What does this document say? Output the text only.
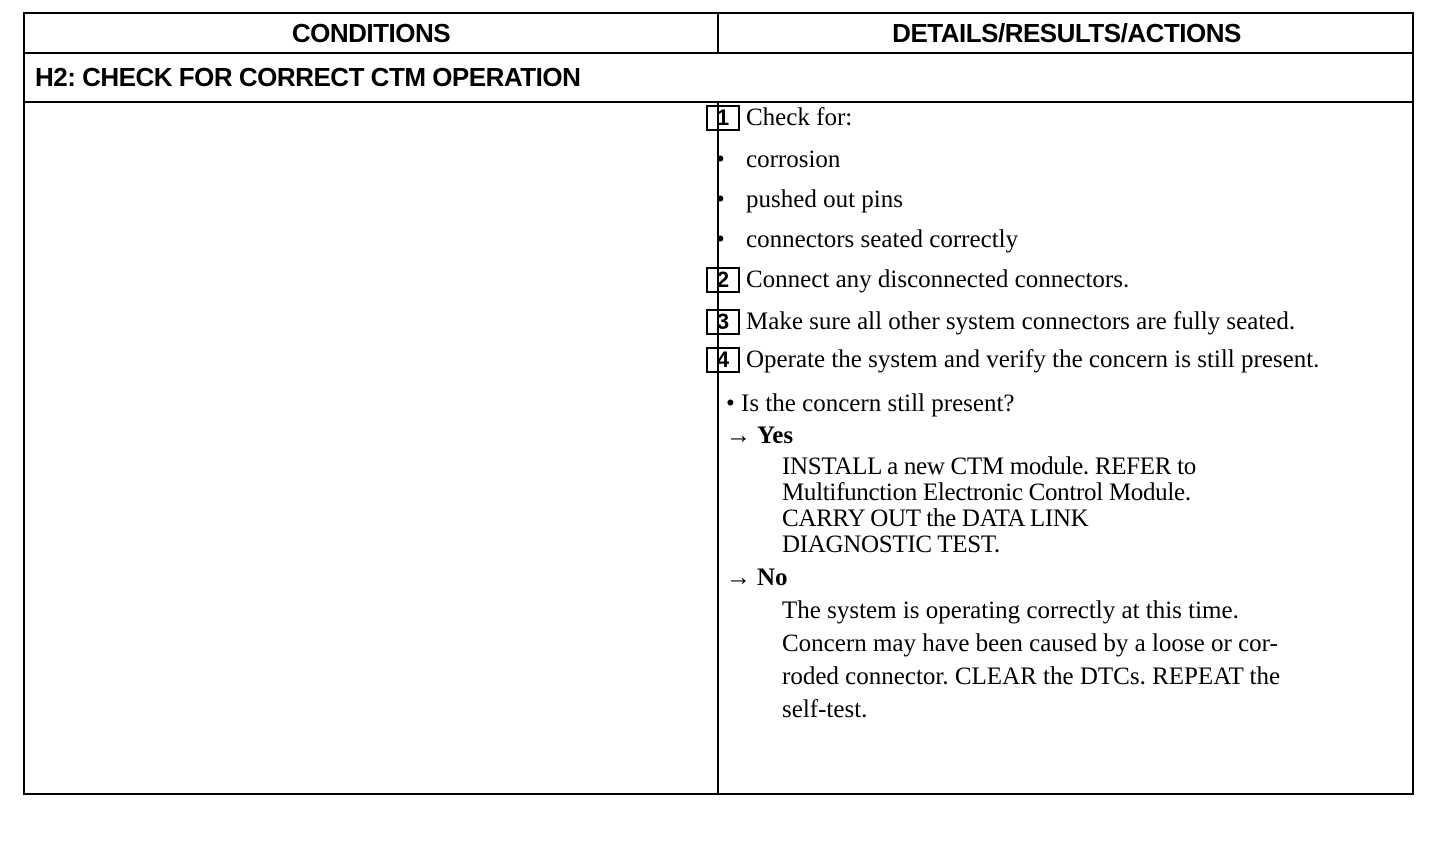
CONDITIONS	DETAILS/RESULTS/ACTIONS
H2: CHECK FOR CORRECT CTM OPERATION
1 Check for:
• corrosion
• pushed out pins
• connectors seated correctly
2 Connect any disconnected connectors.
3 Make sure all other system connectors are fully seated.
4 Operate the system and verify the concern is still present.
• Is the concern still present?
→ Yes
INSTALL a new CTM module. REFER to
Multifunction Electronic Control Module.
CARRY OUT the DATA LINK
DIAGNOSTIC TEST.
→ No
The system is operating correctly at this time.
Concern may have been caused by a loose or cor-
roded connector. CLEAR the DTCs. REPEAT the
self-test.
